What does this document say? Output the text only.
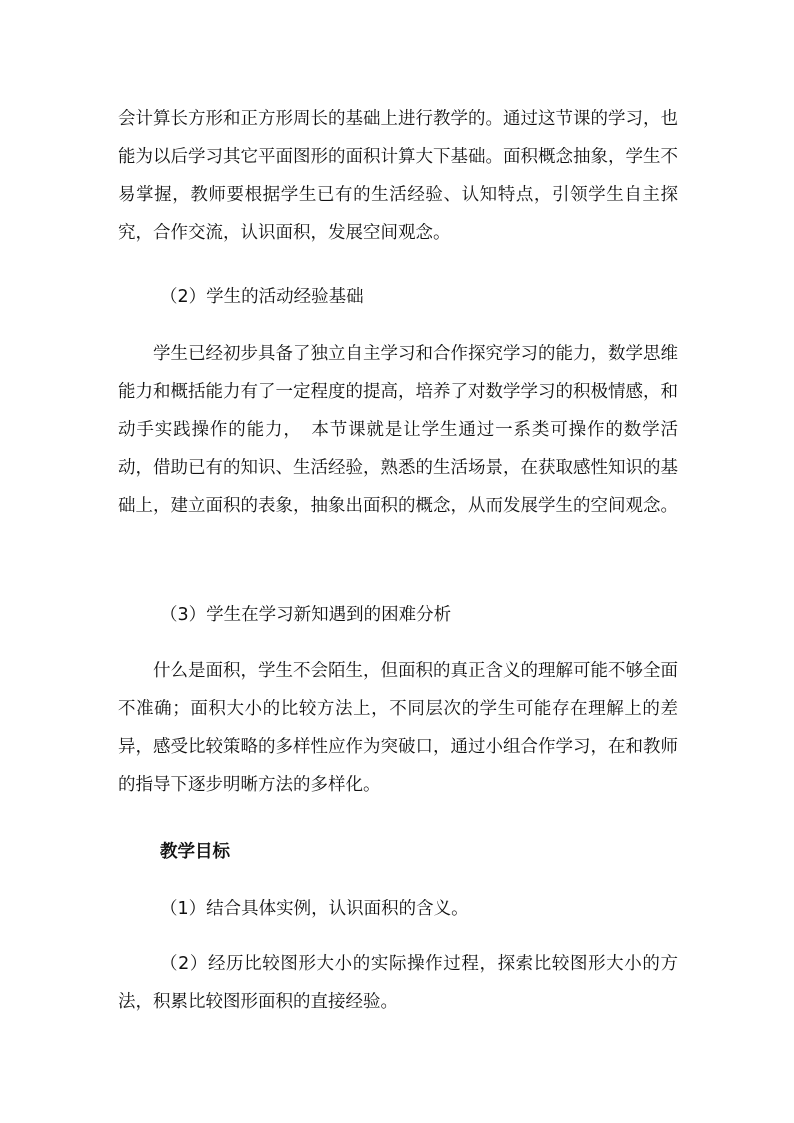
会计算长方形和正方形周长的基础上进行教学的。通过这节课的学习，也能为以后学习其它平面图形的面积计算大下基础。面积概念抽象，学生不易掌握，教师要根据学生已有的生活经验、认知特点，引领学生自主探究，合作交流，认识面积，发展空间观念。

（2）学生的活动经验基础

学生已经初步具备了独立自主学习和合作探究学习的能力，数学思维能力和概括能力有了一定程度的提高，培养了对数学学习的积极情感，和动手实践操作的能力，　本节课就是让学生通过一系类可操作的数学活动，借助已有的知识、生活经验，熟悉的生活场景，在获取感性知识的基础上，建立面积的表象，抽象出面积的概念，从而发展学生的空间观念。

（3）学生在学习新知遇到的困难分析

什么是面积，学生不会陌生，但面积的真正含义的理解可能不够全面不准确；面积大小的比较方法上，不同层次的学生可能存在理解上的差异，感受比较策略的多样性应作为突破口，通过小组合作学习，在和教师的指导下逐步明晰方法的多样化。

教学目标

（1）结合具体实例，认识面积的含义。

（2）经历比较图形大小的实际操作过程，探索比较图形大小的方法，积累比较图形面积的直接经验。
